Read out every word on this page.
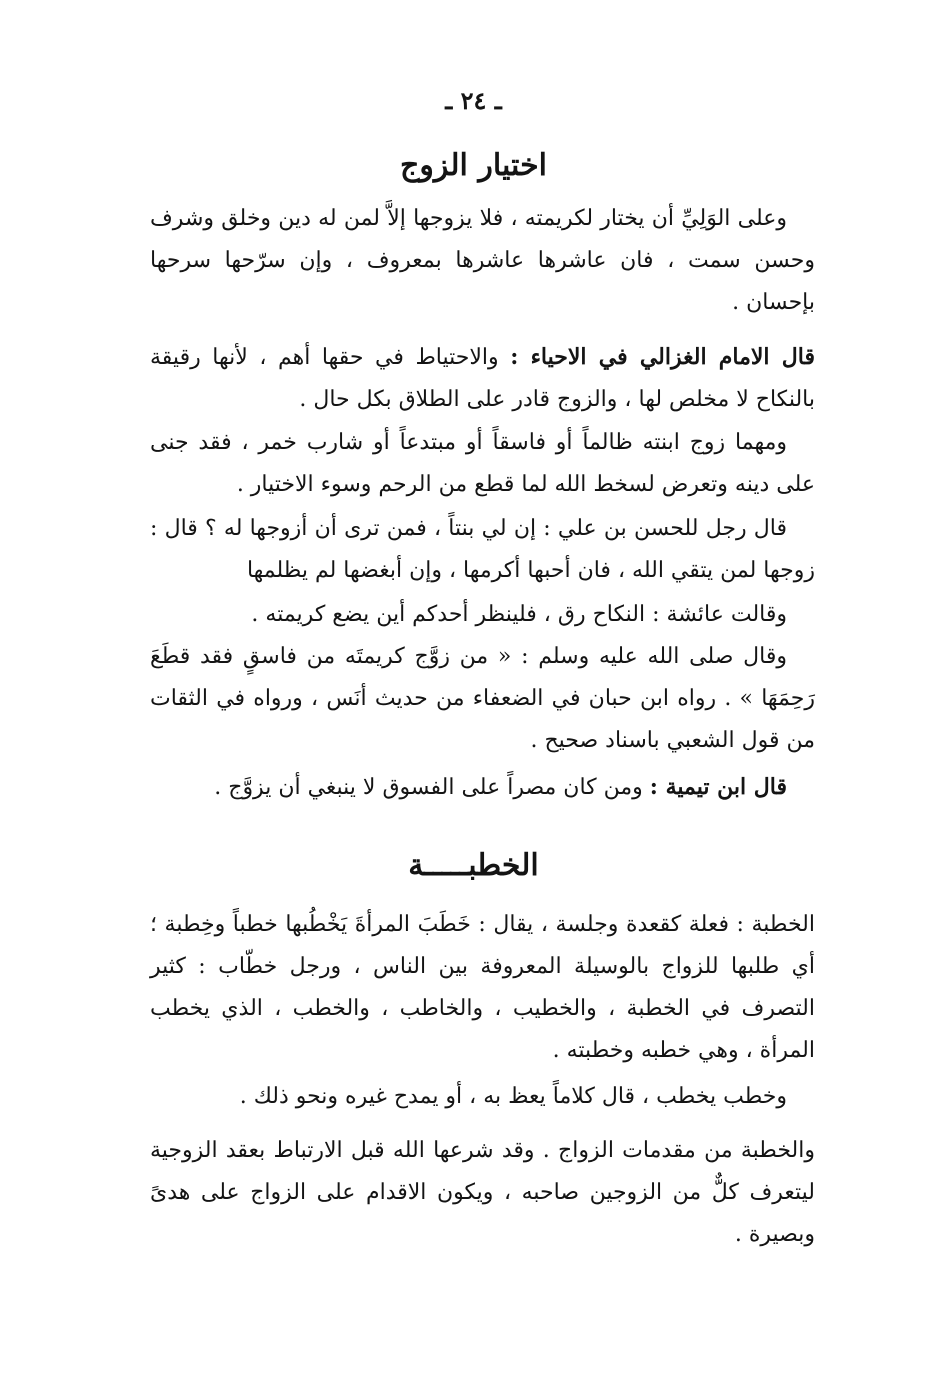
ـ ٢٤ ـ
اختيار الزوج

وعلى الوَلِيِّ أن يختار لكريمته ، فلا يزوجها إلاَّ لمن له دين وخلق وشرف وحسن سمت ، فان عاشرها عاشرها بمعروف ، وإن سرّحها سرحها بإحسان .

قال الامام الغزالي في الاحياء : والاحتياط في حقها أهم ، لأنها رقيقة بالنكاح لا مخلص لها ، والزوج قادر على الطلاق بكل حال .

ومهما زوج ابنته ظالماً أو فاسقاً أو مبتدعاً أو شارب خمر ، فقد جنى على دينه وتعرض لسخط الله لما قطع من الرحم وسوء الاختيار .

قال رجل للحسن بن علي : إن لي بنتاً ، فمن ترى أن أزوجها له ؟ قال : زوجها لمن يتقي الله ، فان أحبها أكرمها ، وإن أبغضها لم يظلمها

وقالت عائشة : النكاح رق ، فلينظر أحدكم أين يضع كريمته .

وقال صلى الله عليه وسلم : « من زوَّج كريمتَه من فاسقٍ فقد قطَعَ رَحِمَهَا » . رواه ابن حبان في الضعفاء من حديث أنَس ، ورواه في الثقات من قول الشعبي باسناد صحيح .

قال ابن تيمية : ومن كان مصراً على الفسوق لا ينبغي أن يزوَّج .

الخطبـــــة

الخطبة : فعلة كقعدة وجلسة ، يقال : خَطَبَ المرأةَ يَخْطُبها خطباً وخِطبة ؛ أي طلبها للزواج بالوسيلة المعروفة بين الناس ، ورجل خطّاب : كثير التصرف في الخطبة ، والخطيب ، والخاطب ، والخطب ، الذي يخطب المرأة ، وهي خطبه وخطبته .

وخطب يخطب ، قال كلاماً يعظ به ، أو يمدح غيره ونحو ذلك .

والخطبة من مقدمات الزواج . وقد شرعها الله قبل الارتباط بعقد الزوجية ليتعرف كلٌّ من الزوجين صاحبه ، ويكون الاقدام على الزواج على هدىً وبصيرة .
